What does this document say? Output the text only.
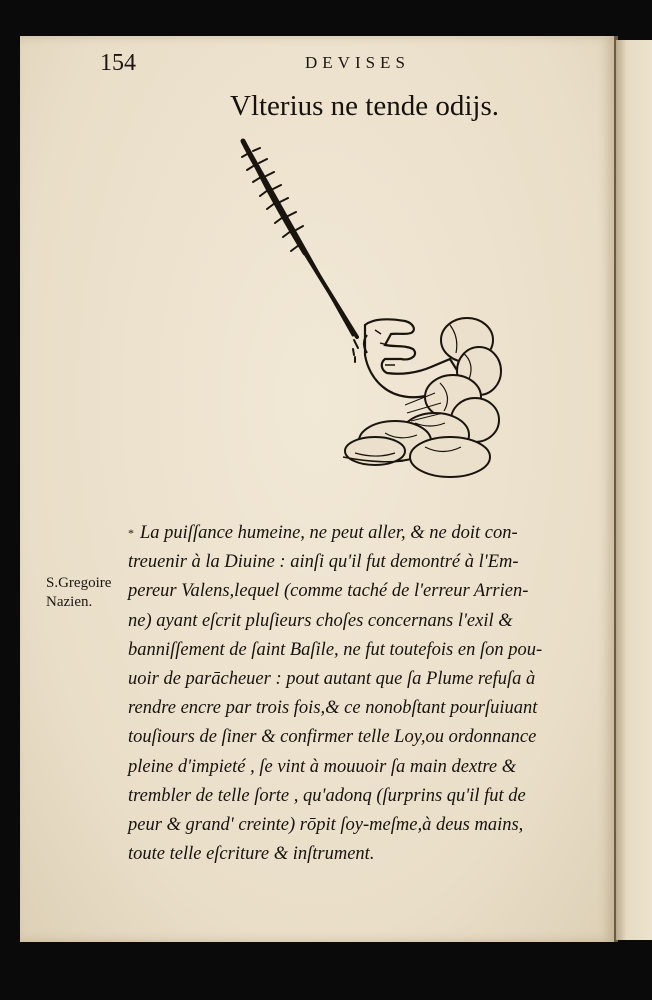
154	DEVISES
Vlterius ne tende odijs.
S.Gregoire
Nazien.
* La puiſſance humeine, ne peut aller, & ne doit con-
treuenir à la Diuine : ainſi qu'il fut demontré à l'Em-
pereur Valens,lequel (comme taché de l'erreur Arrien-
ne) ayant eſcrit pluſieurs choſes concernans l'exil &
banniſſement de ſaint Baſile, ne fut toutefois en ſon pou-
uoir de parācheuer : pout autant que ſa Plume refuſa à
rendre encre par trois fois,& ce nonobſtant pourſuiuant
touſiours de ſiner & confirmer telle Loy,ou ordonnance
pleine d'impieté , ſe vint à mouuoir ſa main dextre &
trembler de telle ſorte , qu'adonq (ſurprins qu'il fut de
peur & grand' creinte) rōpit ſoy-meſme,à deus mains,
toute telle eſcriture & inſtrument.
